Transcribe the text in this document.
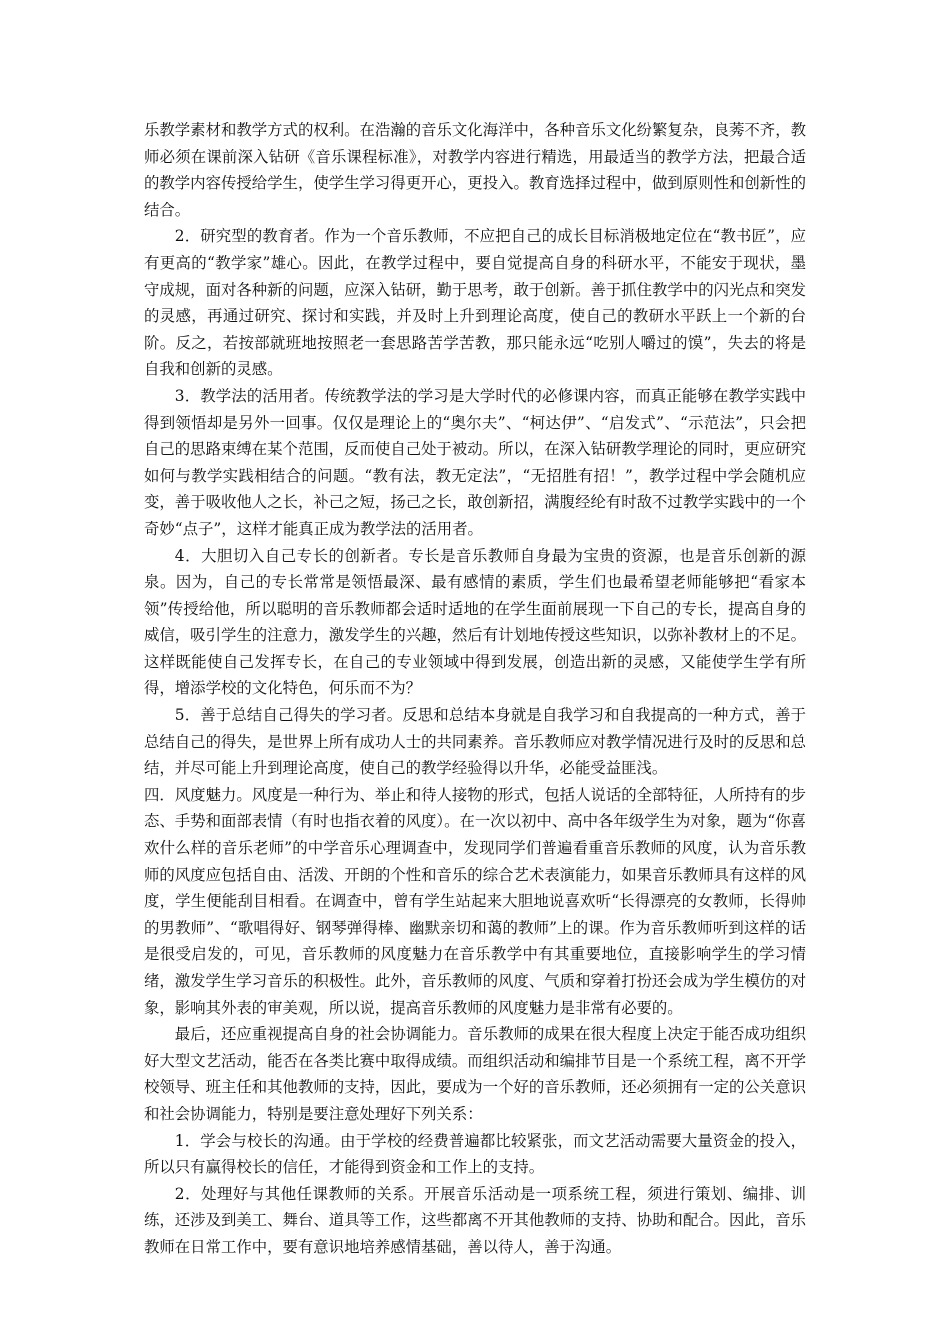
乐教学素材和教学方式的权利。在浩瀚的音乐文化海洋中，各种音乐文化纷繁复杂，良莠不齐，教师必须在课前深入钻研《音乐课程标准》，对教学内容进行精选，用最适当的教学方法，把最合适的教学内容传授给学生，使学生学习得更开心，更投入。教育选择过程中，做到原则性和创新性的结合。

2．研究型的教育者。作为一个音乐教师，不应把自己的成长目标消极地定位在“教书匠”，应有更高的“教学家”雄心。因此，在教学过程中，要自觉提高自身的科研水平，不能安于现状，墨守成规，面对各种新的问题，应深入钻研，勤于思考，敢于创新。善于抓住教学中的闪光点和突发的灵感，再通过研究、探讨和实践，并及时上升到理论高度，使自己的教研水平跃上一个新的台阶。反之，若按部就班地按照老一套思路苦学苦教，那只能永远“吃别人嚼过的馍”，失去的将是自我和创新的灵感。

3．教学法的活用者。传统教学法的学习是大学时代的必修课内容，而真正能够在教学实践中得到领悟却是另外一回事。仅仅是理论上的“奥尔夫”、“柯达伊”、“启发式”、“示范法”，只会把自己的思路束缚在某个范围，反而使自己处于被动。所以，在深入钻研教学理论的同时，更应研究如何与教学实践相结合的问题。“教有法，教无定法”，“无招胜有招！”，教学过程中学会随机应变，善于吸收他人之长，补己之短，扬己之长，敢创新招，满腹经纶有时敌不过教学实践中的一个奇妙“点子”，这样才能真正成为教学法的活用者。

4．大胆切入自己专长的创新者。专长是音乐教师自身最为宝贵的资源，也是音乐创新的源泉。因为，自己的专长常常是领悟最深、最有感情的素质，学生们也最希望老师能够把“看家本领”传授给他，所以聪明的音乐教师都会适时适地的在学生面前展现一下自己的专长，提高自身的威信，吸引学生的注意力，激发学生的兴趣，然后有计划地传授这些知识，以弥补教材上的不足。这样既能使自己发挥专长，在自己的专业领域中得到发展，创造出新的灵感，又能使学生学有所得，增添学校的文化特色，何乐而不为？

5．善于总结自己得失的学习者。反思和总结本身就是自我学习和自我提高的一种方式，善于总结自己的得失，是世界上所有成功人士的共同素养。音乐教师应对教学情况进行及时的反思和总结，并尽可能上升到理论高度，使自己的教学经验得以升华，必能受益匪浅。

四．风度魅力。风度是一种行为、举止和待人接物的形式，包括人说话的全部特征，人所持有的步态、手势和面部表情（有时也指衣着的风度）。在一次以初中、高中各年级学生为对象，题为“你喜欢什么样的音乐老师”的中学音乐心理调查中，发现同学们普遍看重音乐教师的风度，认为音乐教师的风度应包括自由、活泼、开朗的个性和音乐的综合艺术表演能力，如果音乐教师具有这样的风度，学生便能刮目相看。在调查中，曾有学生站起来大胆地说喜欢听“长得漂亮的女教师，长得帅的男教师”、“歌唱得好、钢琴弹得棒、幽默亲切和蔼的教师”上的课。作为音乐教师听到这样的话是很受启发的，可见，音乐教师的风度魅力在音乐教学中有其重要地位，直接影响学生的学习情绪，激发学生学习音乐的积极性。此外，音乐教师的风度、气质和穿着打扮还会成为学生模仿的对象，影响其外表的审美观，所以说，提高音乐教师的风度魅力是非常有必要的。

最后，还应重视提高自身的社会协调能力。音乐教师的成果在很大程度上决定于能否成功组织好大型文艺活动，能否在各类比赛中取得成绩。而组织活动和编排节目是一个系统工程，离不开学校领导、班主任和其他教师的支持，因此，要成为一个好的音乐教师，还必须拥有一定的公关意识和社会协调能力，特别是要注意处理好下列关系：

1．学会与校长的沟通。由于学校的经费普遍都比较紧张，而文艺活动需要大量资金的投入，所以只有赢得校长的信任，才能得到资金和工作上的支持。

2．处理好与其他任课教师的关系。开展音乐活动是一项系统工程，须进行策划、编排、训练，还涉及到美工、舞台、道具等工作，这些都离不开其他教师的支持、协助和配合。因此，音乐教师在日常工作中，要有意识地培养感情基础，善以待人，善于沟通。
